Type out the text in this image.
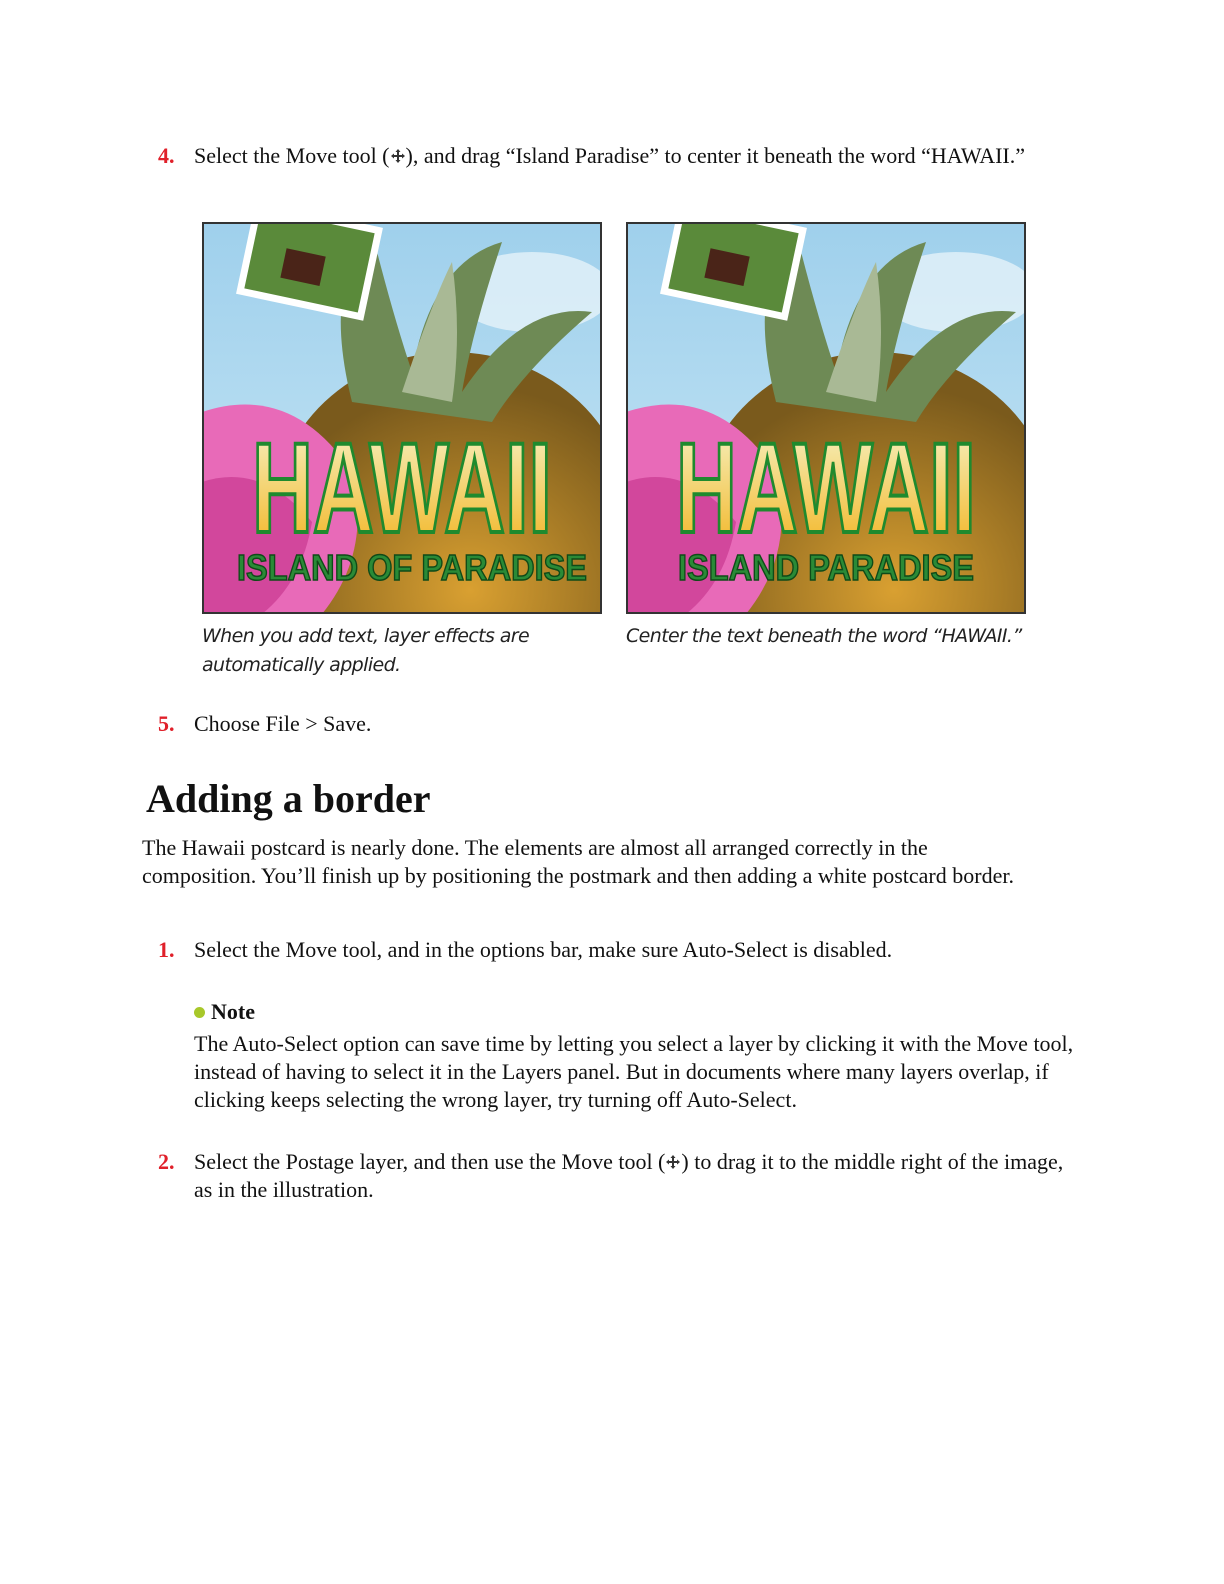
4. Select the Move tool ( ), and drag “Island Paradise” to center it beneath the word “HAWAII.”
HAWAII
ISLAND OF PARADISE
When you add text, layer effects are automatically applied.
HAWAII
ISLAND PARADISE
Center the text beneath the word “HAWAII.”
5. Choose File > Save.
Adding a border

The Hawaii postcard is nearly done. The elements are almost all arranged correctly in the composition. You’ll finish up by positioning the postmark and then adding a white postcard border.

1. Select the Move tool, and in the options bar, make sure Auto-Select is disabled.
Note
The Auto-Select option can save time by letting you select a layer by clicking it with the Move tool, instead of having to select it in the Layers panel. But in documents where many layers overlap, if clicking keeps selecting the wrong layer, try turning off Auto-Select.
2. Select the Postage layer, and then use the Move tool ( ) to drag it to the middle right of the image, as in the illustration.
